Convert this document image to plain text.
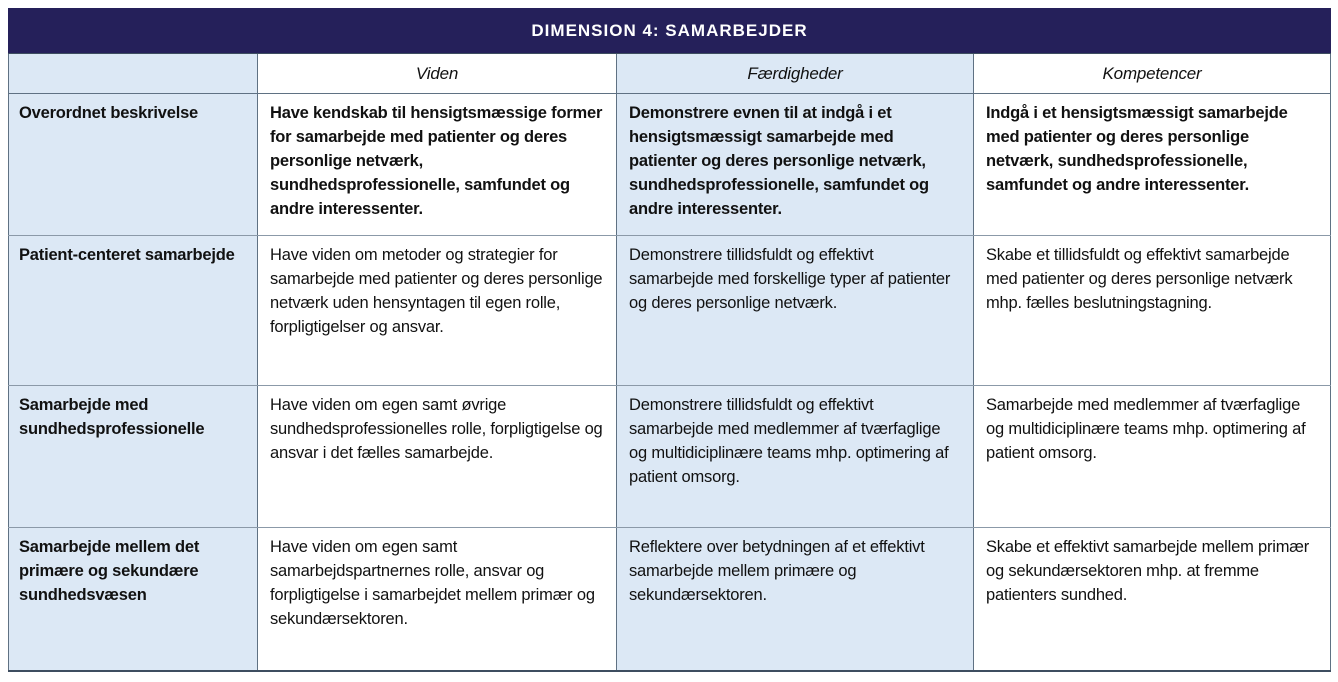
DIMENSION 4: SAMARBEJDER			
	Viden	Færdigheder	Kompetencer
Overordnet beskrivelse	Have kendskab til hensigtsmæssige former for samarbejde med patienter og deres personlige netværk, sundhedsprofessionelle, samfundet og andre interessenter.	Demonstrere evnen til at indgå i et hensigtsmæssigt samarbejde med patienter og deres personlige netværk, sundhedsprofessionelle, samfundet og andre interessenter.	Indgå i et hensigtsmæssigt samarbejde med patienter og deres personlige netværk, sundhedsprofessionelle, samfundet og andre interessenter.
Patient-centeret samarbejde	Have viden om metoder og strategier for samarbejde med patienter og deres personlige netværk uden hensyntagen til egen rolle, forpligtigelser og ansvar.	Demonstrere tillidsfuldt og effektivt samarbejde med forskellige typer af patienter og deres personlige netværk.	Skabe et tillidsfuldt og effektivt samarbejde med patienter og deres personlige netværk mhp. fælles beslutningstagning.
Samarbejde med sundhedsprofessionelle	Have viden om egen samt øvrige sundhedsprofessionelles rolle, forpligtigelse og ansvar i det fælles samarbejde.	Demonstrere tillidsfuldt og effektivt samarbejde med medlemmer af tværfaglige og multidiciplinære teams mhp. optimering af patient omsorg.	Samarbejde med medlemmer af tværfaglige og multidiciplinære teams mhp. optimering af patient omsorg.
Samarbejde mellem det primære og sekundære sundhedsvæsen	Have viden om egen samt samarbejdspartnernes rolle, ansvar og forpligtigelse i samarbejdet mellem primær og sekundærsektoren.	Reflektere over betydningen af et effektivt samarbejde mellem primære og sekundærsektoren.	Skabe et effektivt samarbejde mellem primær og sekundærsektoren mhp. at fremme patienters sundhed.
